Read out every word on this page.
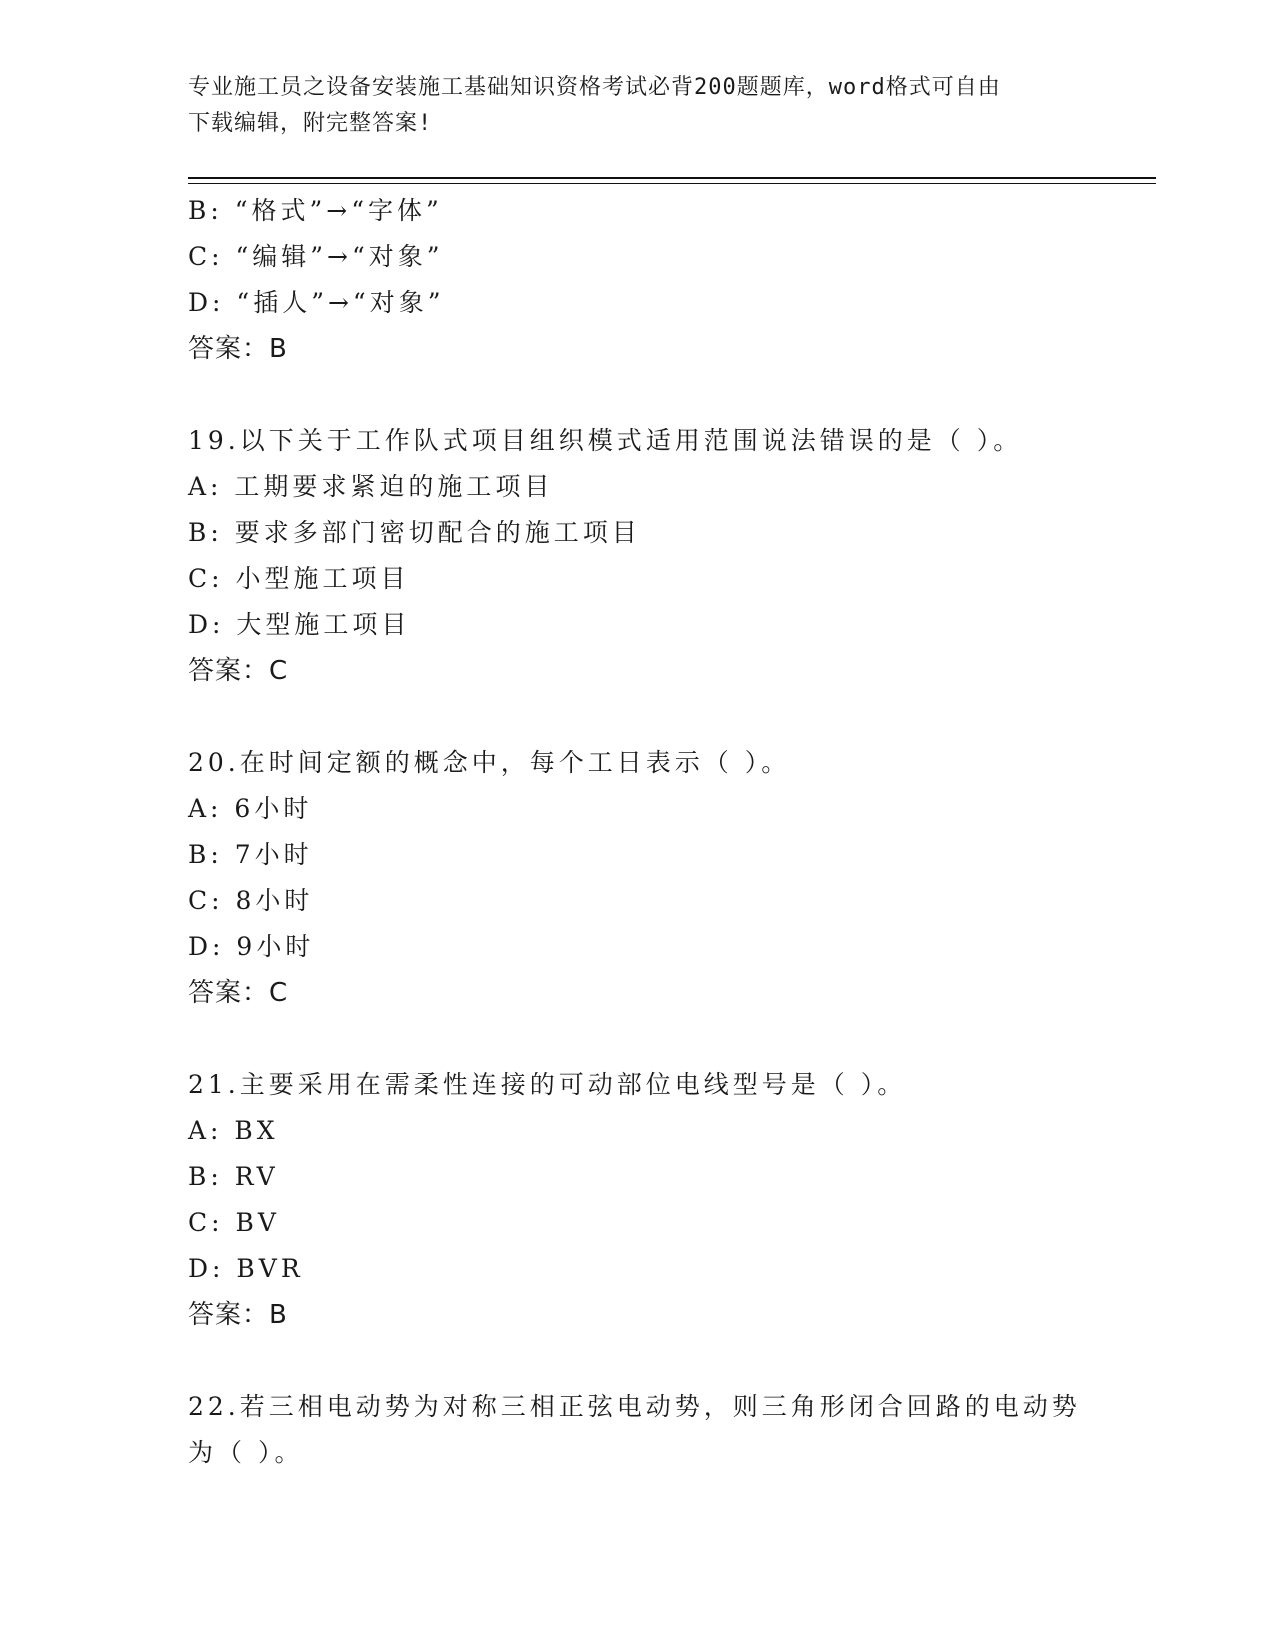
专业施工员之设备安装施工基础知识资格考试必背200题题库，word格式可自由
下载编辑，附完整答案!
B: “格式”→“字体”
C: “编辑”→“对象”
D: “插人”→“对象”
答案：B
19.以下关于工作队式项目组织模式适用范围说法错误的是（ ）。
A: 工期要求紧迫的施工项目
B: 要求多部门密切配合的施工项目
C: 小型施工项目
D: 大型施工项目
答案：C
20.在时间定额的概念中，每个工日表示（ ）。
A: 6小时
B: 7小时
C: 8小时
D: 9小时
答案：C
21.主要采用在需柔性连接的可动部位电线型号是（ ）。
A: BX
B: RV
C: BV
D: BVR
答案：B
22.若三相电动势为对称三相正弦电动势，则三角形闭合回路的电动势
为（ ）。
